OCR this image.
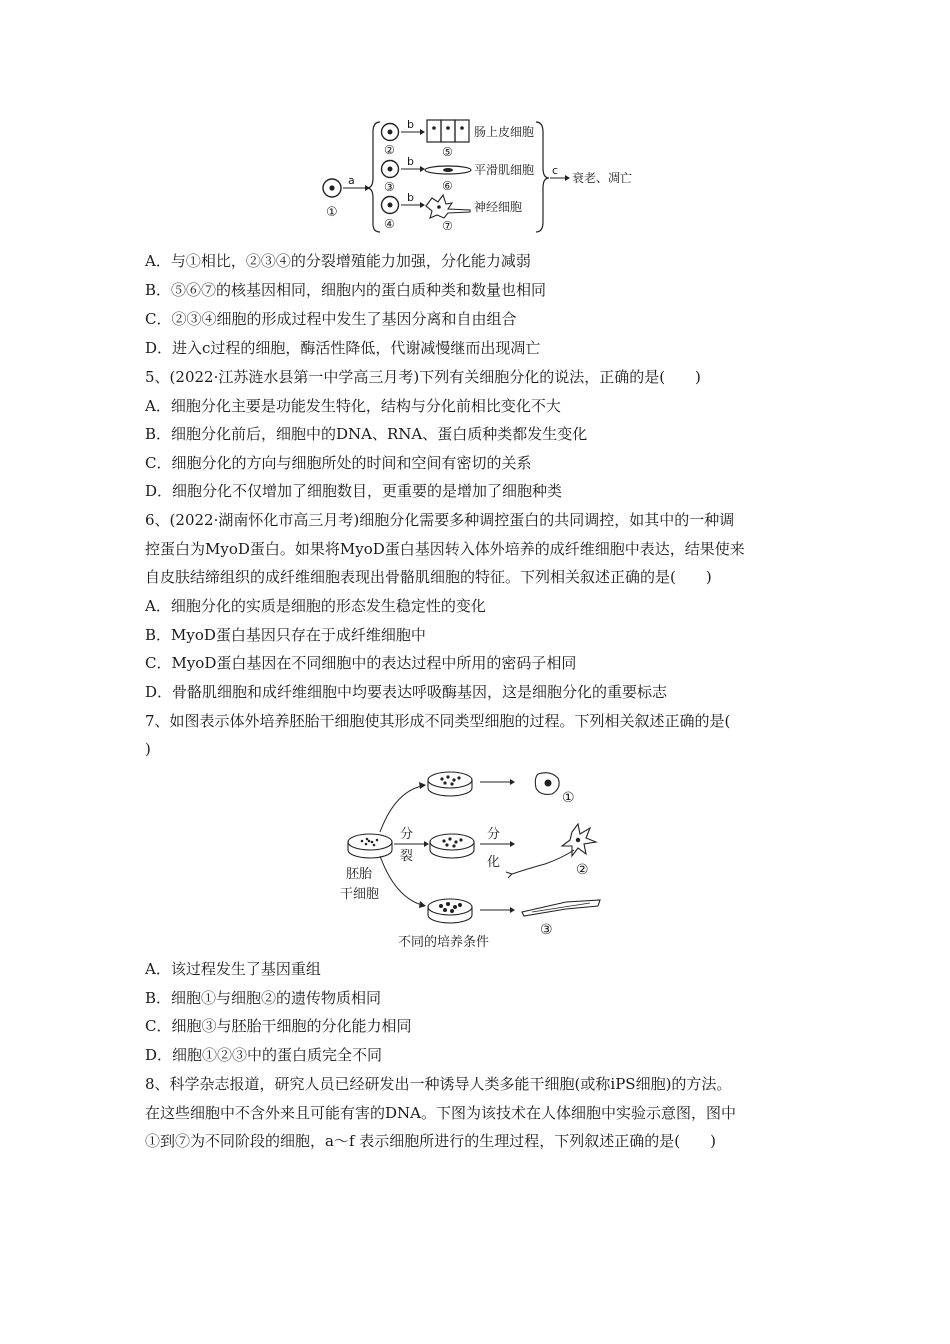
①
a
②
③
④
b
b
b
⑤
肠上皮细胞
⑥
平滑肌细胞
⑦
神经细胞
c
衰老、凋亡
A．与①相比，②③④的分裂增殖能力加强，分化能力减弱
B．⑤⑥⑦的核基因相同，细胞内的蛋白质种类和数量也相同
C．②③④细胞的形成过程中发生了基因分离和自由组合
D．进入c过程的细胞，酶活性降低，代谢减慢继而出现凋亡
5、(2022·江苏涟水县第一中学高三月考)下列有关细胞分化的说法，正确的是(　　)
A．细胞分化主要是功能发生特化，结构与分化前相比变化不大
B．细胞分化前后，细胞中的DNA、RNA、蛋白质种类都发生变化
C．细胞分化的方向与细胞所处的时间和空间有密切的关系
D．细胞分化不仅增加了细胞数目，更重要的是增加了细胞种类
6、(2022·湖南怀化市高三月考)细胞分化需要多种调控蛋白的共同调控，如其中的一种调
控蛋白为MyoD蛋白。如果将MyoD蛋白基因转入体外培养的成纤维细胞中表达，结果使来
自皮肤结缔组织的成纤维细胞表现出骨骼肌细胞的特征。下列相关叙述正确的是(　　)
A．细胞分化的实质是细胞的形态发生稳定性的变化
B．MyoD蛋白基因只存在于成纤维细胞中
C．MyoD蛋白基因在不同细胞中的表达过程中所用的密码子相同
D．骨骼肌细胞和成纤维细胞中均要表达呼吸酶基因，这是细胞分化的重要标志
7、如图表示体外培养胚胎干细胞使其形成不同类型细胞的过程。下列相关叙述正确的是(
)
胚胎
干细胞
分
裂
分
化
①
②
③
不同的培养条件
A．该过程发生了基因重组
B．细胞①与细胞②的遗传物质相同
C．细胞③与胚胎干细胞的分化能力相同
D．细胞①②③中的蛋白质完全不同
8、科学杂志报道，研究人员已经研发出一种诱导人类多能干细胞(或称iPS细胞)的方法。
在这些细胞中不含外来且可能有害的DNA。下图为该技术在人体细胞中实验示意图，图中
①到⑦为不同阶段的细胞，a～f 表示细胞所进行的生理过程，下列叙述正确的是(　　)
